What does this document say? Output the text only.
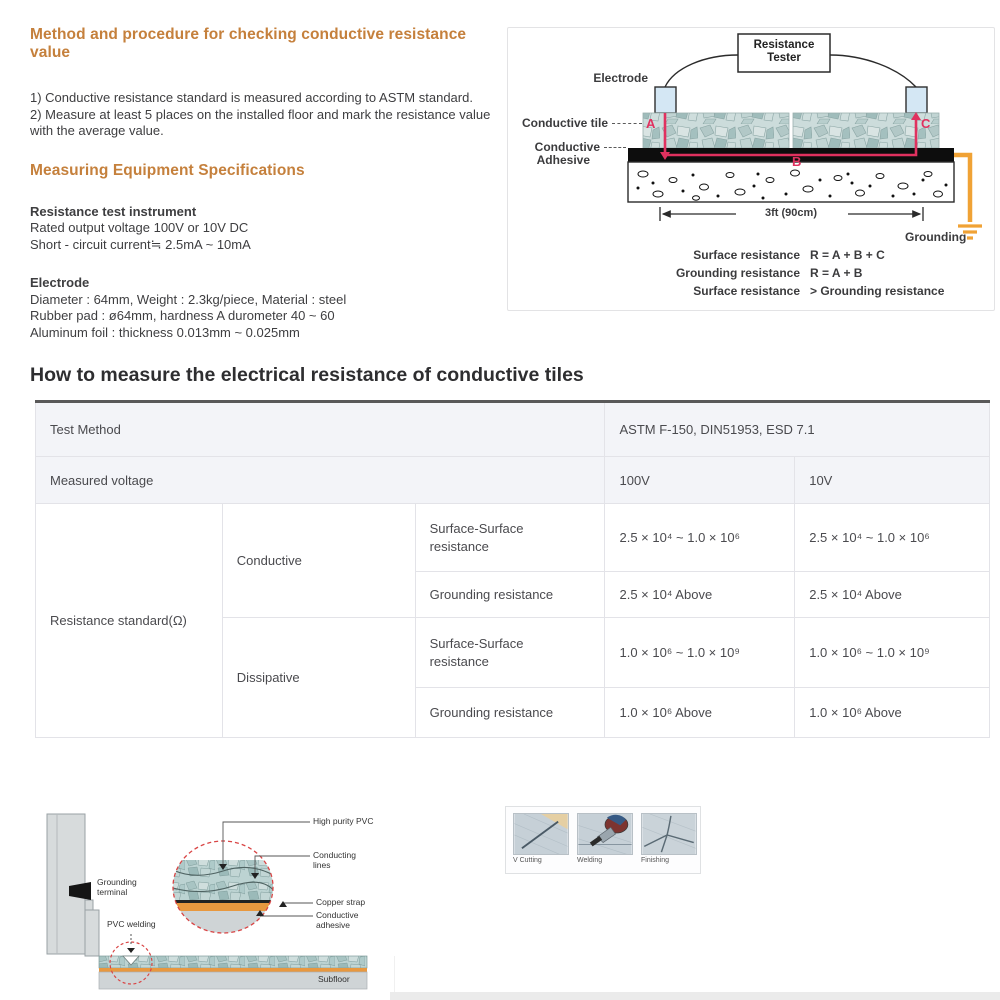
Method and procedure for checking conductive resistance value
1) Conductive resistance standard is measured according to ASTM standard.
2) Measure at least 5 places on the installed floor and mark the resistance value with the average value.
Measuring Equipment Specifications
Resistance test instrument
Rated output voltage 100V or 10V DC
Short - circuit current≒ 2.5mA ~ 10mA
Electrode
Diameter : 64mm, Weight : 2.3kg/piece, Material : steel
Rubber pad : ø64mm, hardness A durometer 40 ~ 60
Aluminum foil : thickness 0.013mm ~ 0.025mm
Resistance
Tester
Electrode
Conductive tile
Conductive
Adhesive
A
B
C
3ft (90cm)
Grounding
Surface resistance R = A + B + C
Grounding resistance R = A + B
Surface resistance > Grounding resistance
How to measure the electrical resistance of conductive tiles
Test Method			ASTM F-150, DIN51953, ESD 7.1	
Measured voltage			100V	10V
Resistance standard(Ω)	Conductive	Surface-Surface resistance	2.5 × 10⁴ ~ 1.0 × 10⁶	2.5 × 10⁴ ~ 1.0 × 10⁶
		Grounding resistance	2.5 × 10⁴ Above	2.5 × 10⁴ Above
	Dissipative	Surface-Surface resistance	1.0 × 10⁶ ~ 1.0 × 10⁹	1.0 × 10⁶ ~ 1.0 × 10⁹
		Grounding resistance	1.0 × 10⁶ Above	1.0 × 10⁶ Above
Grounding
terminal
PVC welding
High purity PVC
Conducting lines
Copper strap
Conductive
adhesive
Subfloor
V Cutting	Welding	Finishing
